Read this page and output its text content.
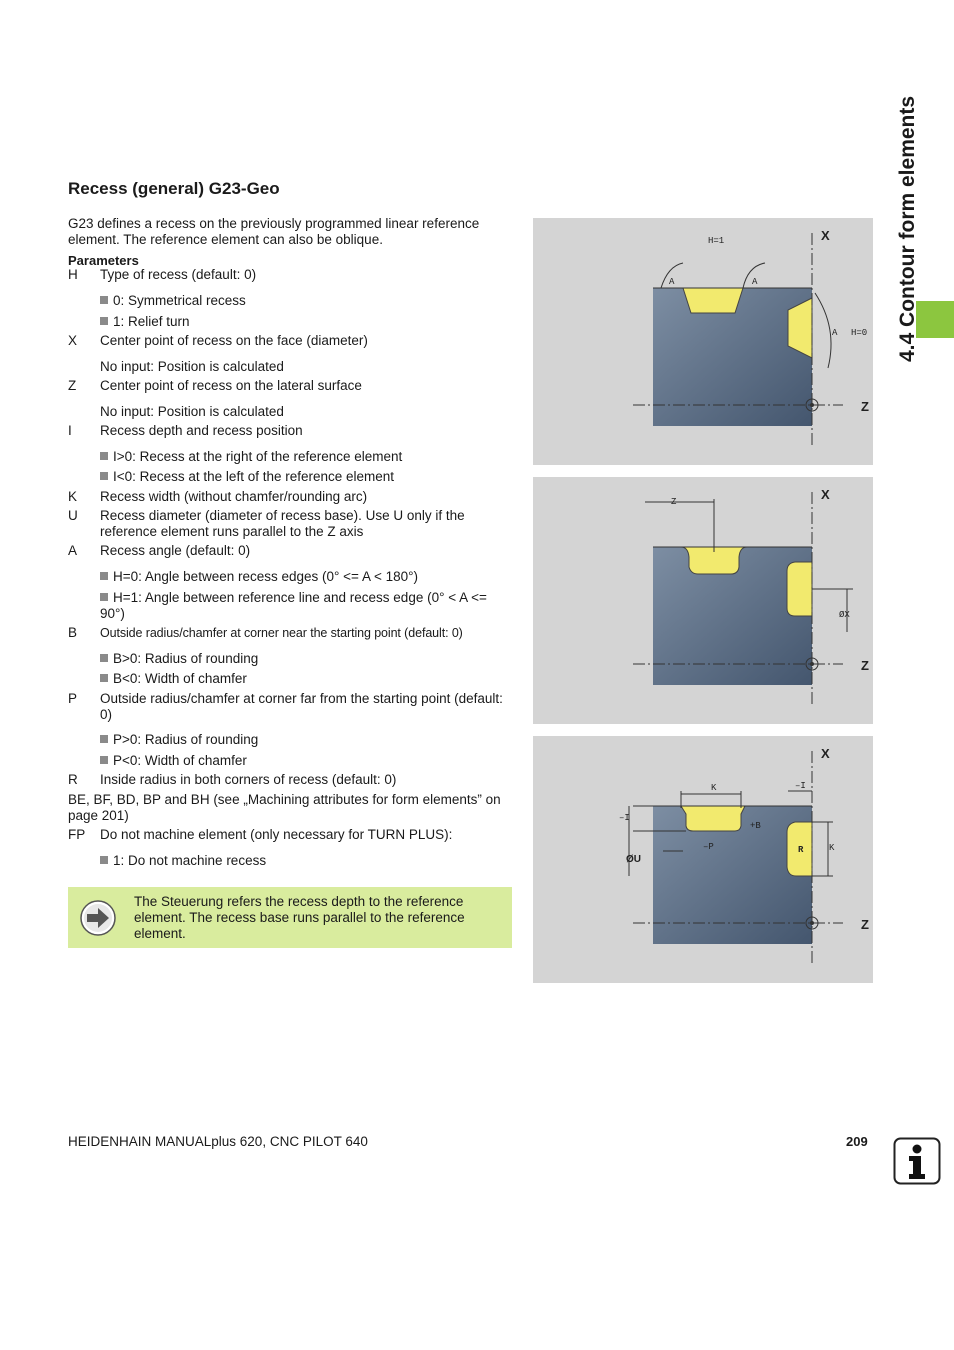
Recess (general) G23-Geo
G23 defines a recess on the previously programmed linear reference element. The reference element can also be oblique.
Parameters
H Type of recess (default: 0)
0: Symmetrical recess
1: Relief turn
X Center point of recess on the face (diameter)
No input: Position is calculated
Z Center point of recess on the lateral surface
No input: Position is calculated
I Recess depth and recess position
I>0: Recess at the right of the reference element
I<0: Recess at the left of the reference element
K Recess width (without chamfer/rounding arc)
U Recess diameter (diameter of recess base). Use U only if the reference element runs parallel to the Z axis
A Recess angle (default: 0)
H=0: Angle between recess edges (0° <= A < 180°)
H=1: Angle between reference line and recess edge (0° < A <= 90°)
B Outside radius/chamfer at corner near the starting point (default: 0)
B>0: Radius of rounding
B<0: Width of chamfer
P Outside radius/chamfer at corner far from the starting point (default: 0)
P>0: Radius of rounding
P<0: Width of chamfer
R Inside radius in both corners of recess (default: 0)
BE, BF, BD, BP and BH (see „Machining attributes for form elements” on page 201)
FP Do not machine element (only necessary for TURN PLUS):
1: Do not machine recess
The Steuerung refers the recess depth to the reference element. The recess base runs parallel to the reference element.
4.4 Contour form elements
H=1
A	A
A H=0
X
Z
Z	X
ØX
Z
K
–I
–I
+B
–P
ØU
R	K
X
Z
HEIDENHAIN MANUALplus 620, CNC PILOT 640	209
